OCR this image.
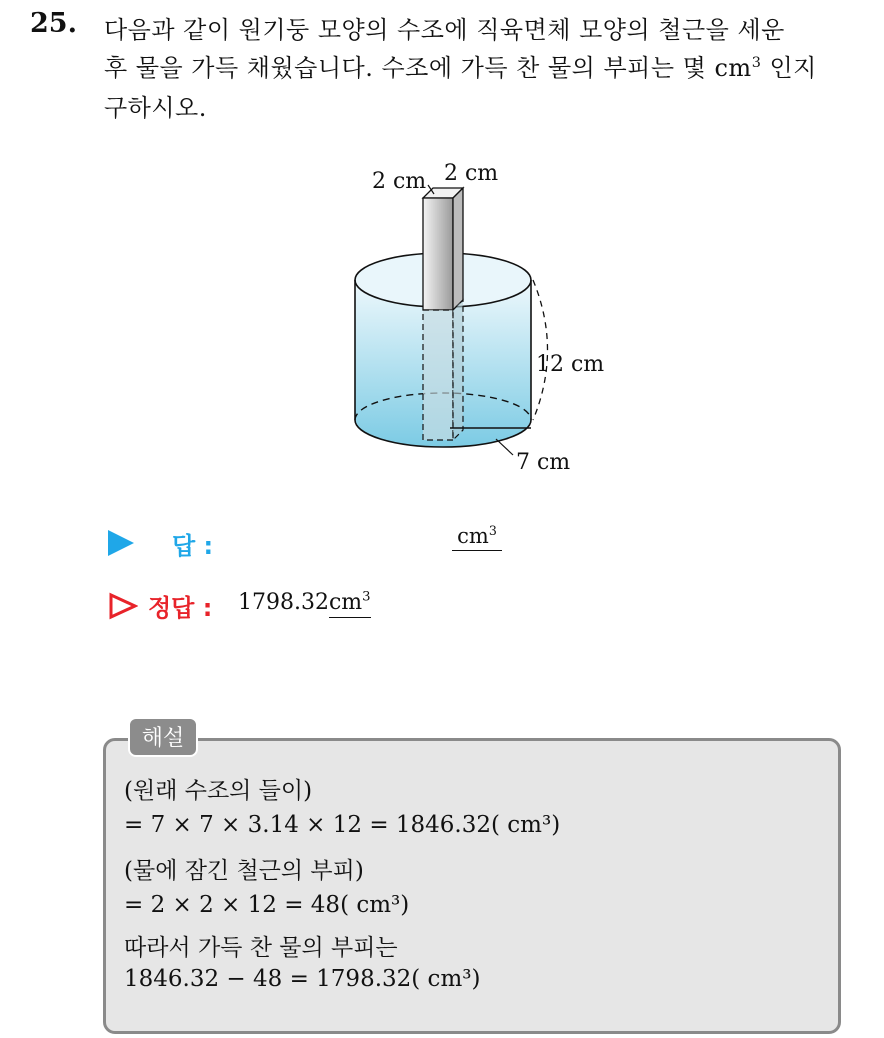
25. 다음과 같이 원기둥 모양의 수조에 직육면체 모양의 철근을 세운
후 물을 가득 채웠습니다. 수조에 가득 찬 물의 부피는 몇 $cm^3$ 인지
구하시오.
2 cm 2 cm
12 cm
7 cm
답 :	$cm^3$
정답 : $1798.32cm^3$
해설
(원래 수조의 들이)
= 7 × 7 × 3.14 × 12 = 1846.32( cm³)
(물에 잠긴 철근의 부피)
= 2 × 2 × 12 = 48( cm³)
따라서 가득 찬 물의 부피는
1846.32 − 48 = 1798.32( cm³)
